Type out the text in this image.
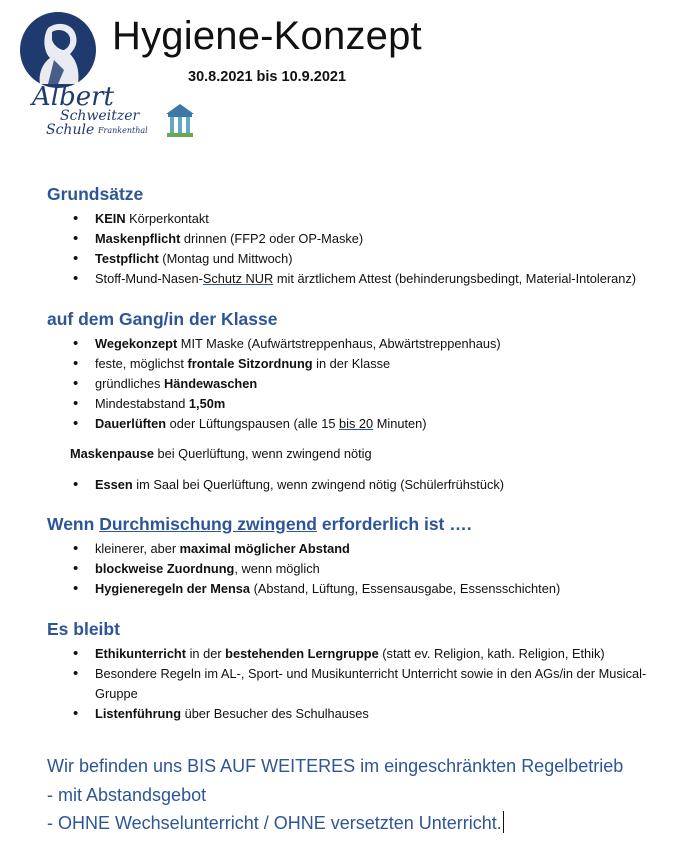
Albert
Schweitzer
Schule Frankenthal
Hygiene-Konzept
30.8.2021 bis 10.9.2021
Grundsätze
• KEIN Körperkontakt
• Maskenpflicht drinnen (FFP2 oder OP-Maske)
• Testpflicht (Montag und Mittwoch)
• Stoff-Mund-Nasen-Schutz NUR mit ärztlichem Attest (behinderungsbedingt, Material-Intoleranz)
auf dem Gang/in der Klasse
• Wegekonzept MIT Maske (Aufwärtstreppenhaus, Abwärtstreppenhaus)
• feste, möglichst frontale Sitzordnung in der Klasse
• gründliches Händewaschen
• Mindestabstand 1,50m
• Dauerlüften oder Lüftungspausen (alle 15 bis 20 Minuten)

Maskenpause bei Querlüftung, wenn zwingend nötig

• Essen im Saal bei Querlüftung, wenn zwingend nötig (Schülerfrühstück)
Wenn Durchmischung zwingend erforderlich ist ….
• kleinerer, aber maximal möglicher Abstand
• blockweise Zuordnung, wenn möglich
• Hygieneregeln der Mensa (Abstand, Lüftung, Essensausgabe, Essensschichten)
Es bleibt
• Ethikunterricht in der bestehenden Lerngruppe (statt ev. Religion, kath. Religion, Ethik)
• Besondere Regeln im AL-, Sport- und Musikunterricht Unterricht sowie in den AGs/in der Musical-Gruppe
• Listenführung über Besucher des Schulhauses
Wir befinden uns BIS AUF WEITERES im eingeschränkten Regelbetrieb
- mit Abstandsgebot
- OHNE Wechselunterricht / OHNE versetzten Unterricht.
